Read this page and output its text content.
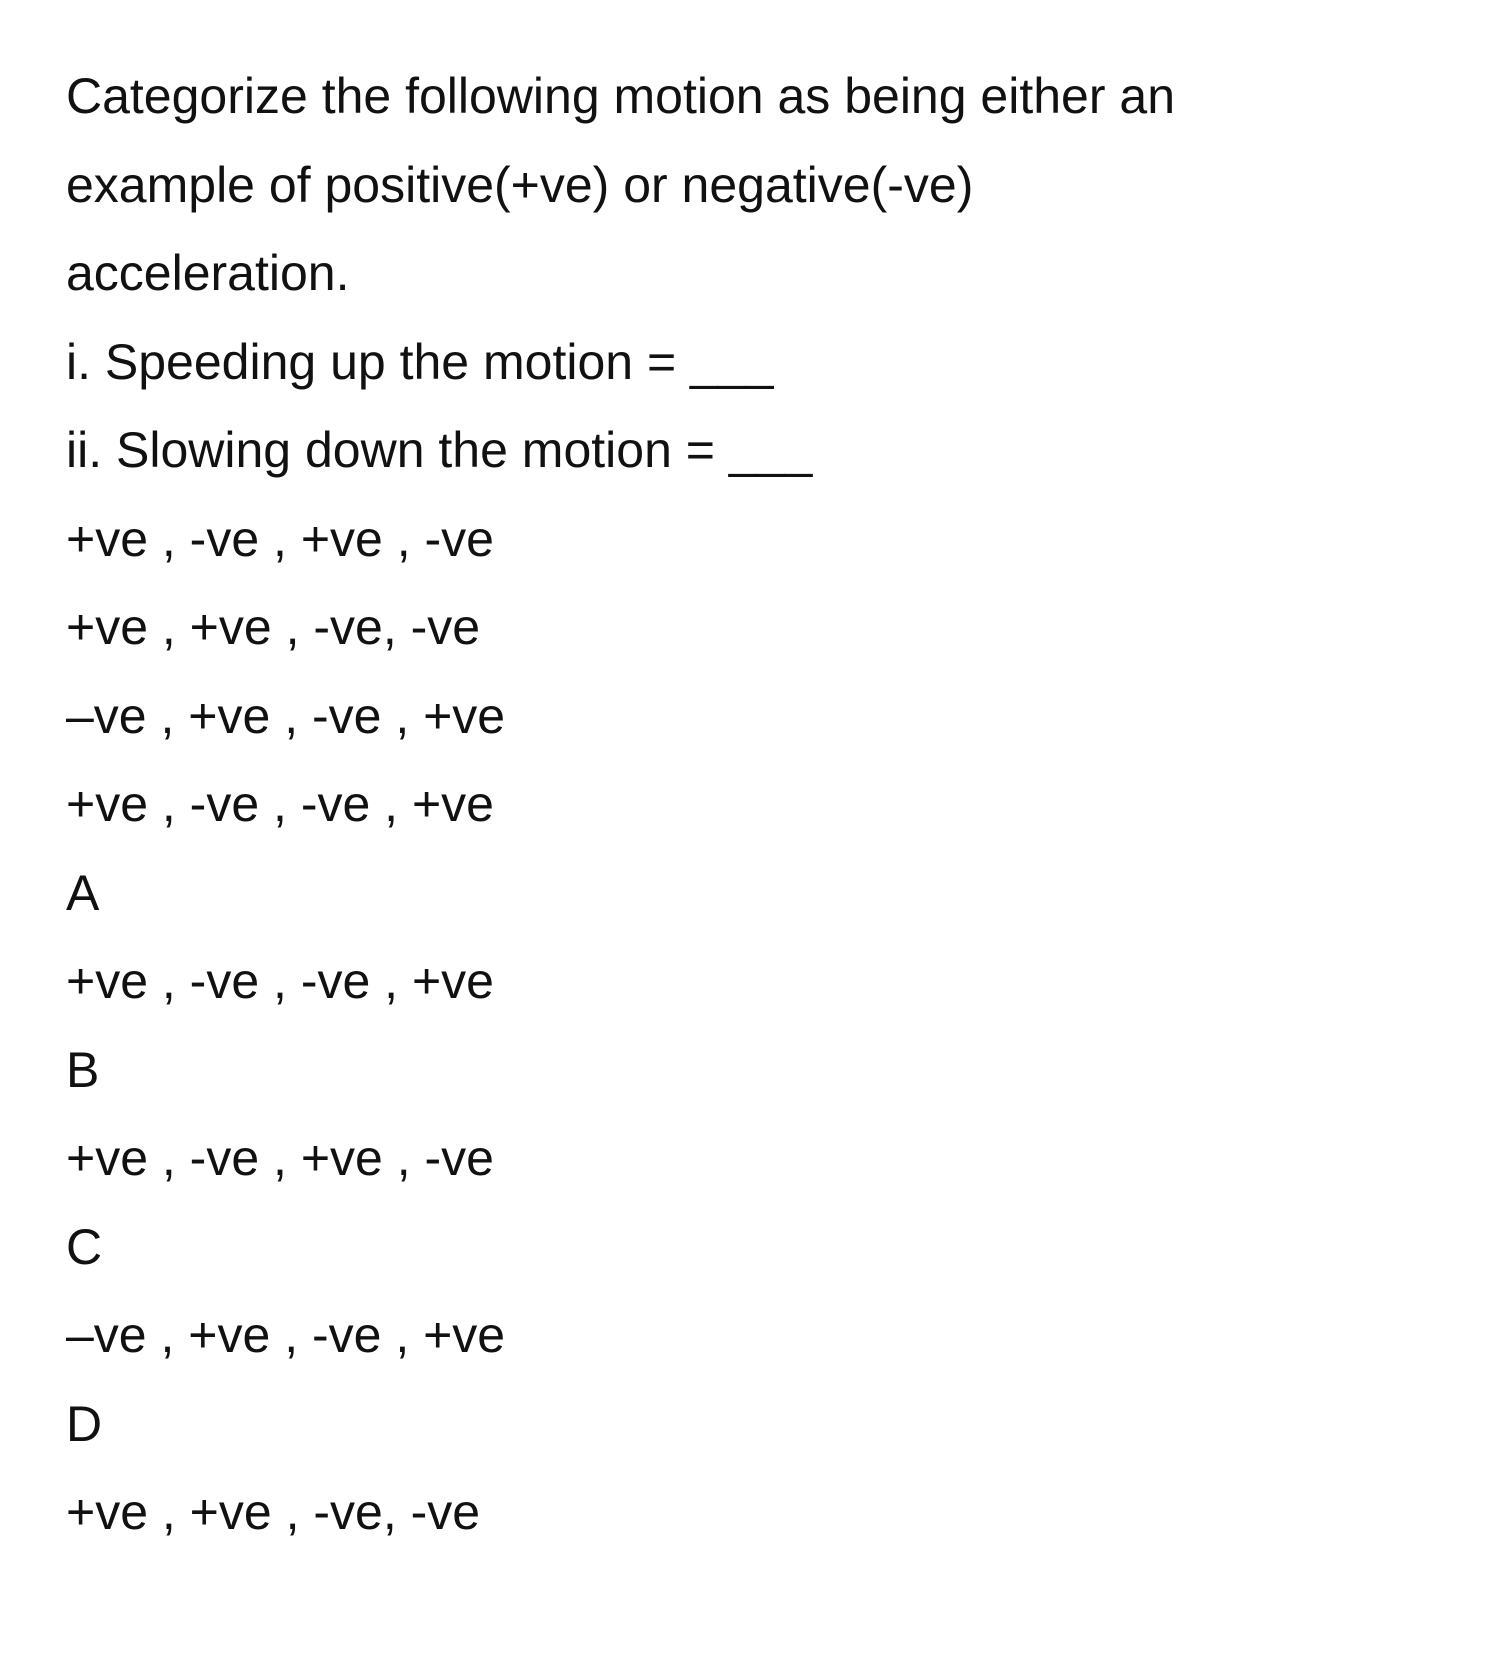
Categorize the following motion as being either an
example of positive(+ve) or negative(-ve)
acceleration.
i. Speeding up the motion = ___
ii. Slowing down the motion = ___
+ve , -ve , +ve , -ve
+ve , +ve , -ve, -ve
–ve , +ve , -ve , +ve
+ve , -ve , -ve , +ve
A
+ve , -ve , -ve , +ve
B
+ve , -ve , +ve , -ve
C
–ve , +ve , -ve , +ve
D
+ve , +ve , -ve, -ve
